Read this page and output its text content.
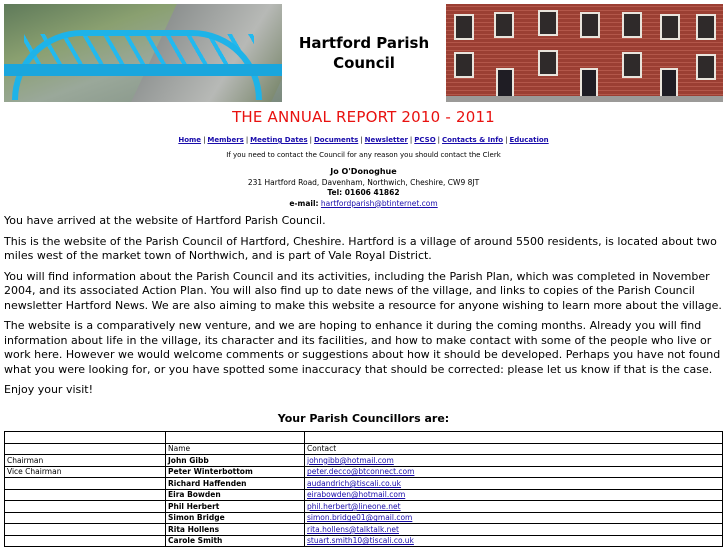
Hartford Parish
Council
THE ANNUAL REPORT 2010 - 2011
Home | Members | Meeting Dates | Documents | Newsletter | PCSO | Contacts & Info | Education
If you need to contact the Council for any reason you should contact the Clerk
Jo O'Donoghue
231 Hartford Road, Davenham, Northwich, Cheshire, CW9 8JT
Tel: 01606 41862
e-mail: hartfordparish@btinternet.com

You have arrived at the website of Hartford Parish Council.

This is the website of the Parish Council of Hartford, Cheshire. Hartford is a village of around 5500 residents, is located about two miles west of the market town of Northwich, and is part of Vale Royal District.

You will find information about the Parish Council and its activities, including the Parish Plan, which was completed in November 2004, and its associated Action Plan. You will also find up to date news of the village, and links to copies of the Parish Council newsletter Hartford News. We are also aiming to make this website a resource for anyone wishing to learn more about the village.

The website is a comparatively new venture, and we are hoping to enhance it during the coming months. Already you will find information about life in the village, its character and its facilities, and how to make contact with some of the people who live or work here. However we would welcome comments or suggestions about how it should be developed. Perhaps you have not found what you were looking for, or you have spotted some inaccuracy that should be corrected: please let us know if that is the case.

Enjoy your visit!

Your Parish Councillors are:

	Name	Contact
Chairman	John Gibb	johngibb@hotmail.com
Vice Chairman	Peter Winterbottom	peter.decco@btconnect.com
	Richard Haffenden	audandrich@tiscali.co.uk
	Eira Bowden	eirabowden@hotmail.com
	Phil Herbert	phil.herbert@lineone.net
	Simon Bridge	simon.bridge01@gmail.com
	Rita Hollens	rita.hollens@talktalk.net
	Carole Smith	stuart.smith10@tiscali.co.uk
